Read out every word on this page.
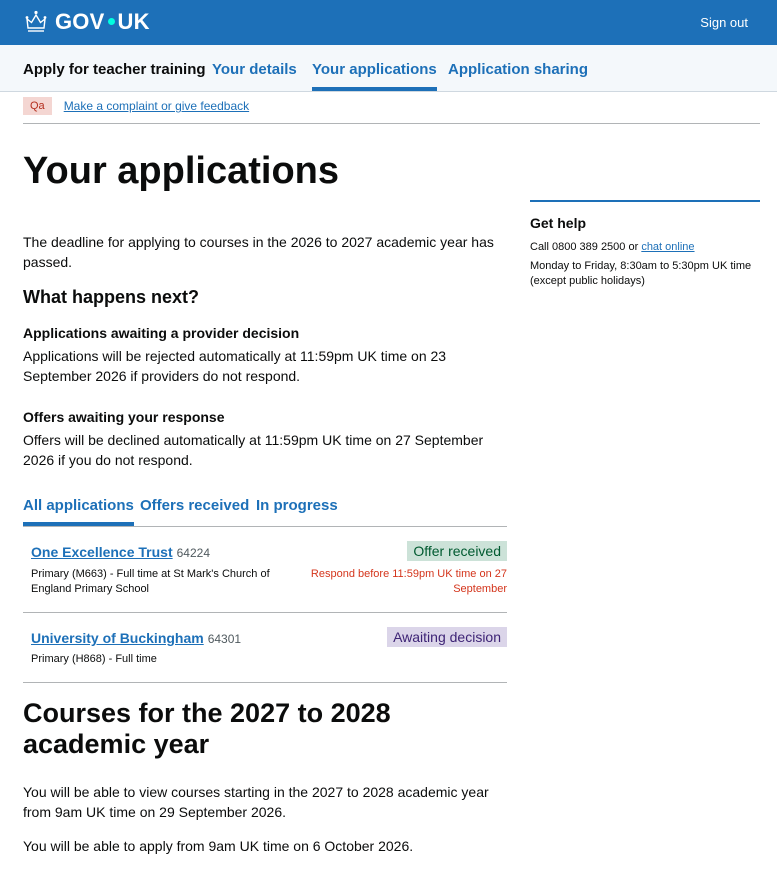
GOV UK	Sign out
Apply for teacher training Your details Your applications Application sharing
Qa	Make a complaint or give feedback
Your applications

The deadline for applying to courses in the 2026 to 2027 academic year has passed.

What happens next?
Applications awaiting a provider decision

Applications will be rejected automatically at 11:59pm UK time on 23 September 2026 if providers do not respond.

Offers awaiting your response

Offers will be declined automatically at 11:59pm UK time on 27 September 2026 if you do not respond.

All applications Offers received In progress
One Excellence Trust 64224
Primary (M663) - Full time at St Mark's Church of England Primary School
Offer received
Respond before 11:59pm UK time on 27 September
University of Buckingham 64301
Primary (H868) - Full time
Awaiting decision
Courses for the 2027 to 2028 academic year

You will be able to view courses starting in the 2027 to 2028 academic year from 9am UK time on 29 September 2026.

You will be able to apply from 9am UK time on 6 October 2026.

Get help

Call 0800 389 2500 or chat online

Monday to Friday, 8:30am to 5:30pm UK time (except public holidays)
